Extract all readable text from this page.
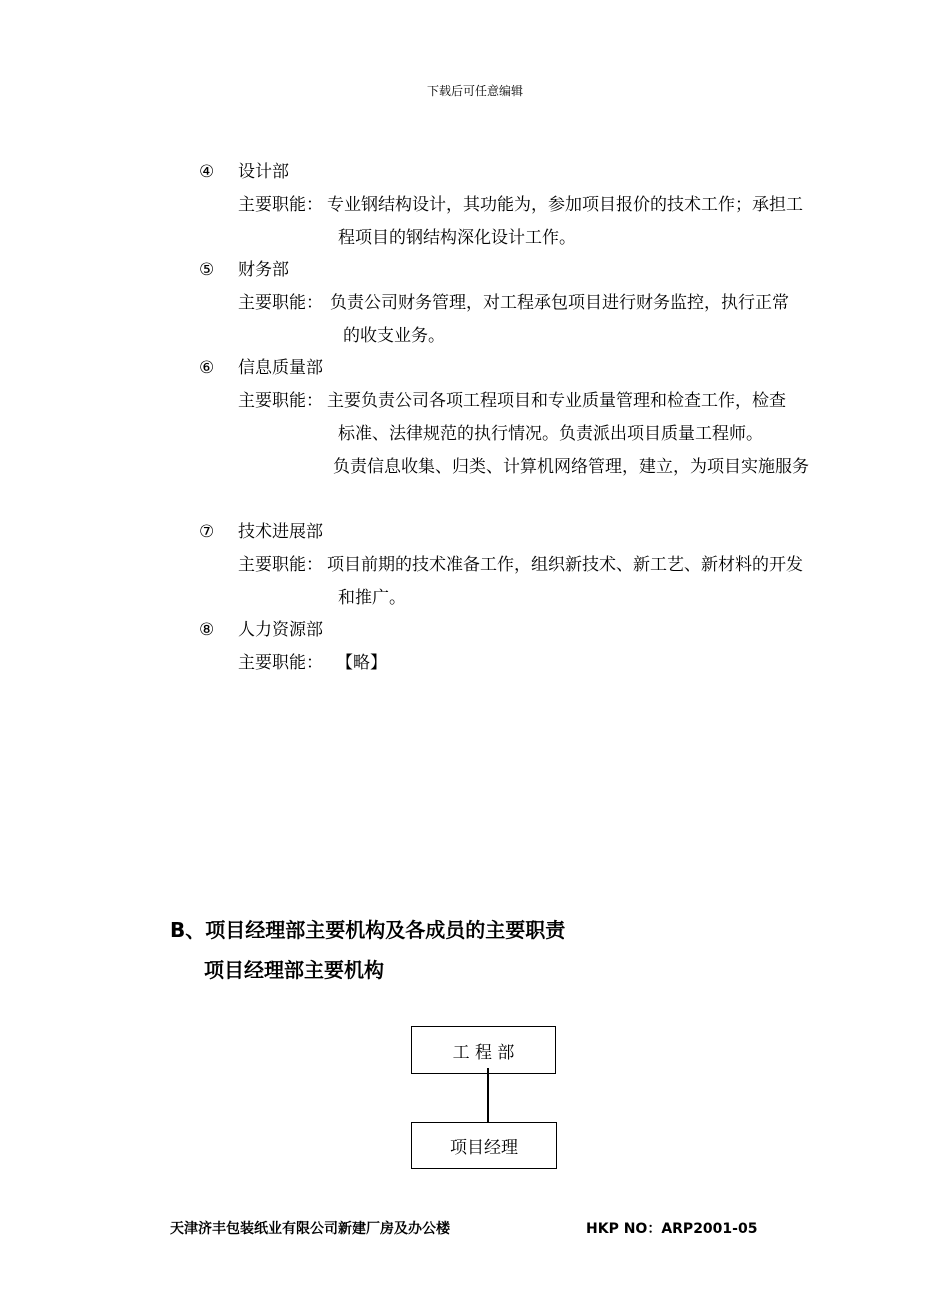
下载后可任意编辑
④	设计部
主要职能： 专业钢结构设计，其功能为，参加项目报价的技术工作；承担工
程项目的钢结构深化设计工作。
⑤	财务部
主要职能： 负责公司财务管理，对工程承包项目进行财务监控，执行正常
的收支业务。
⑥	信息质量部
主要职能： 主要负责公司各项工程项目和专业质量管理和检查工作，检查
标准、法律规范的执行情况。负责派出项目质量工程师。
负责信息收集、归类、计算机网络管理，建立，为项目实施服务
⑦	技术进展部
主要职能： 项目前期的技术准备工作，组织新技术、新工艺、新材料的开发
和推广。
⑧	人力资源部
主要职能： 【略】
B、项目经理部主要机构及各成员的主要职责
项目经理部主要机构
工 程 部
项目经理
天津济丰包装纸业有限公司新建厂房及办公楼	HKP NO：ARP2001-05
